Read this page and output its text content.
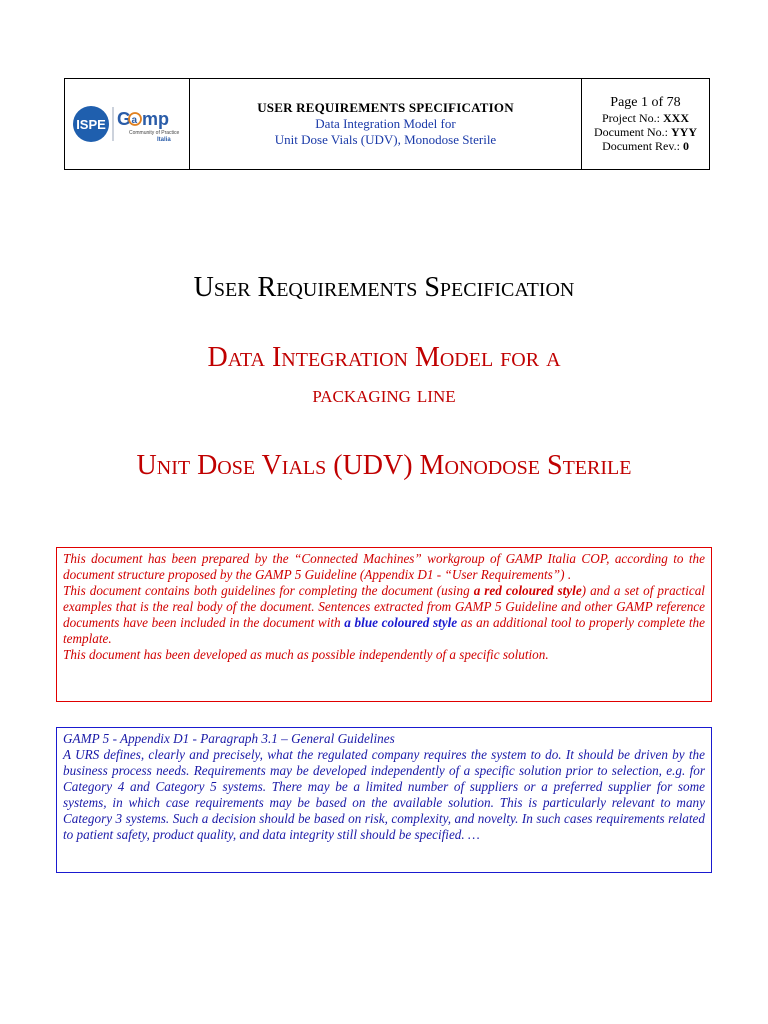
ISPE G a mp
Community of Practice
Italia
USER REQUIREMENTS SPECIFICATION
Data Integration Model for
Unit Dose Vials (UDV), Monodose Sterile
Page 1 of 78
Project No.: XXX
Document No.: YYY
Document Rev.: 0
User Requirements Specification
Data Integration Model for a
packaging line
Unit Dose Vials (UDV) Monodose Sterile

This document has been prepared by the “Connected Machines” workgroup of GAMP Italia COP, according to the document structure proposed by the GAMP 5 Guideline (Appendix D1 - “User Requirements”) .

This document contains both guidelines for completing the document (using a red coloured style) and a set of practical examples that is the real body of the document. Sentences extracted from GAMP 5 Guideline and other GAMP reference documents have been included in the document with a blue coloured style as an additional tool to properly complete the template.

This document has been developed as much as possible independently of a specific solution.

GAMP 5 - Appendix D1 - Paragraph 3.1 – General Guidelines

A URS defines, clearly and precisely, what the regulated company requires the system to do. It should be driven by the business process needs. Requirements may be developed independently of a specific solution prior to selection, e.g. for Category 4 and Category 5 systems. There may be a limited number of suppliers or a preferred supplier for some systems, in which case requirements may be based on the available solution. This is particularly relevant to many Category 3 systems. Such a decision should be based on risk, complexity, and novelty. In such cases requirements related to patient safety, product quality, and data integrity still should be specified. …
